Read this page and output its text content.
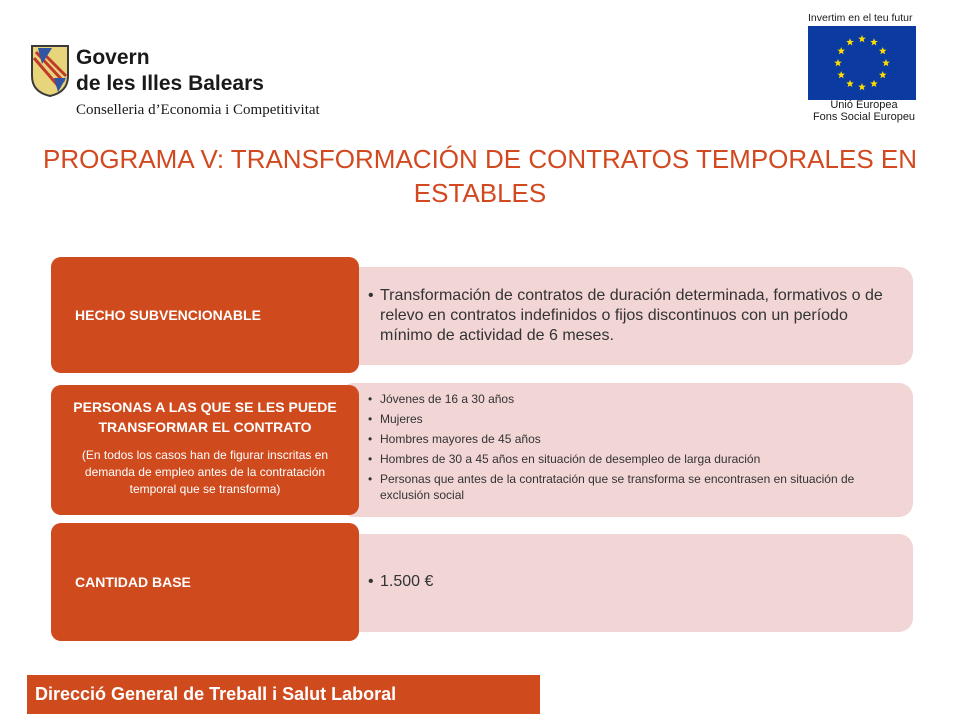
Govern
de les Illes Balears
Conselleria d’Economia i Competitivitat
Invertim en el teu futur
Unió Europea
Fons Social Europeu
PROGRAMA V: TRANSFORMACIÓN DE CONTRATOS TEMPORALES EN ESTABLES
• Transformación de contratos de duración determinada, formativos o de relevo en contratos indefinidos o fijos discontinuos con un período mínimo de actividad de 6 meses.
HECHO SUBVENCIONABLE
• Jóvenes de 16 a 30 años
• Mujeres
• Hombres mayores de 45 años
• Hombres de 30 a 45 años en situación de desempleo de larga duración
• Personas que antes de la contratación que se transforma se encontrasen en situación de exclusión social
PERSONAS A LAS QUE SE LES PUEDE TRANSFORMAR EL CONTRATO
(En todos los casos han de figurar inscritas en demanda de empleo antes de la contratación temporal que se transforma)
• 1.500 €
CANTIDAD BASE
Direcció General de Treball i Salut Laboral
